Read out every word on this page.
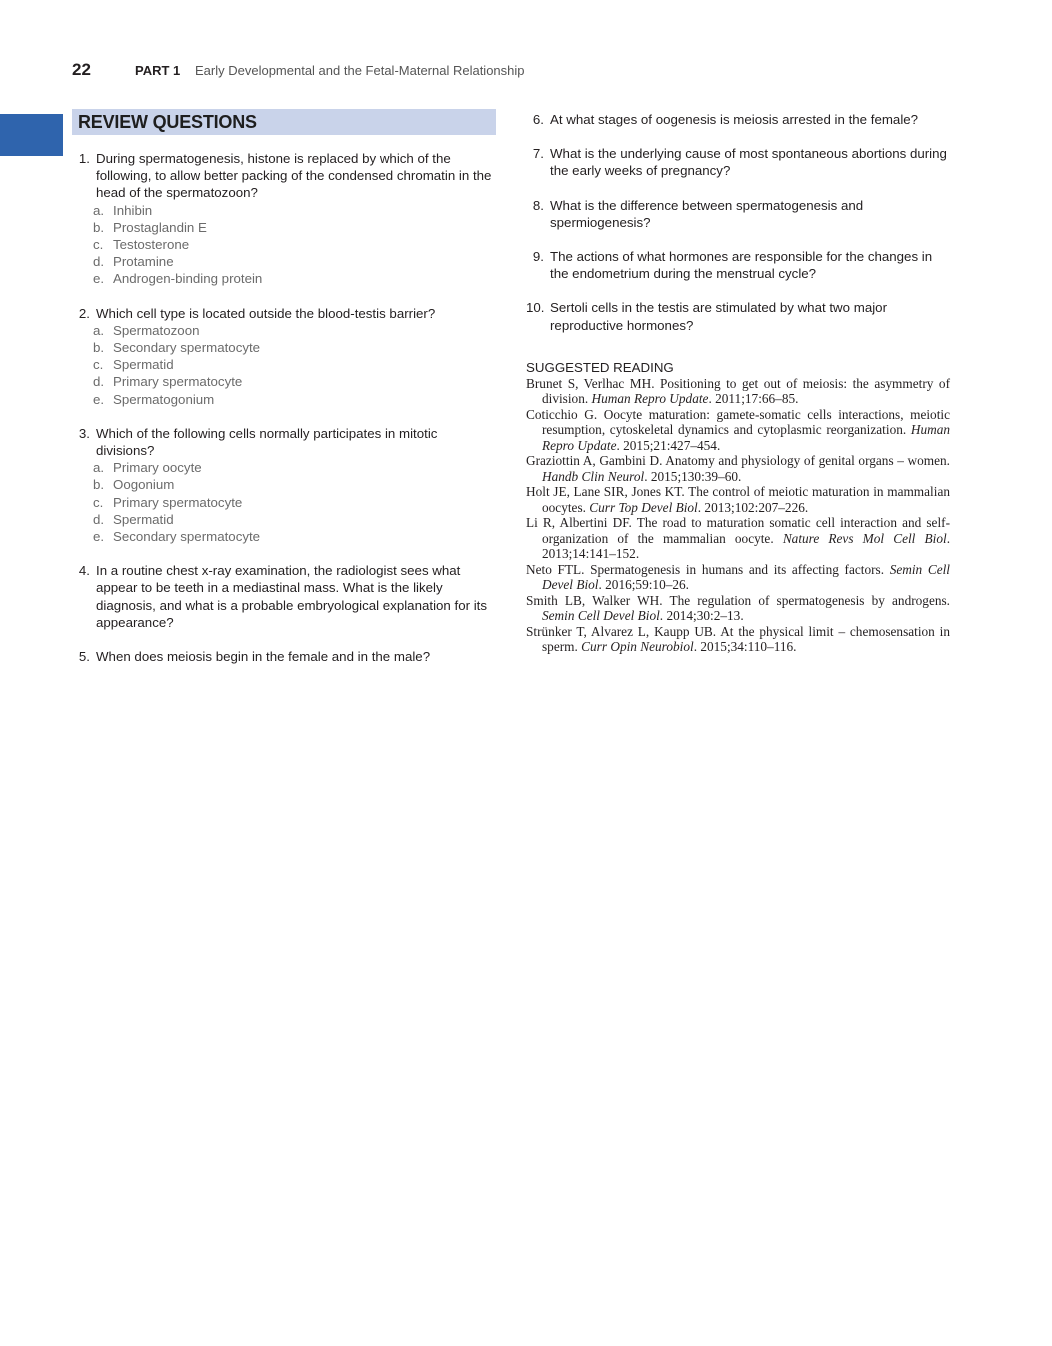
22	PART 1 Early Developmental and the Fetal-Maternal Relationship
REVIEW QUESTIONS
1. During spermatogenesis, histone is replaced by which of the following, to allow better packing of the condensed chromatin in the head of the spermatozoon?
a. Inhibin
b. Prostaglandin E
c. Testosterone
d. Protamine
e. Androgen-binding protein
2. Which cell type is located outside the blood-testis barrier?
a. Spermatozoon
b. Secondary spermatocyte
c. Spermatid
d. Primary spermatocyte
e. Spermatogonium
3. Which of the following cells normally participates in mitotic divisions?
a. Primary oocyte
b. Oogonium
c. Primary spermatocyte
d. Spermatid
e. Secondary spermatocyte
4. In a routine chest x-ray examination, the radiologist sees what appear to be teeth in a mediastinal mass. What is the likely diagnosis, and what is a probable embryological explanation for its appearance?
5. When does meiosis begin in the female and in the male?
6. At what stages of oogenesis is meiosis arrested in the female?
7. What is the underlying cause of most spontaneous abortions during the early weeks of pregnancy?
8. What is the difference between spermatogenesis and spermiogenesis?
9. The actions of what hormones are responsible for the changes in the endometrium during the menstrual cycle?
10. Sertoli cells in the testis are stimulated by what two major reproductive hormones?
SUGGESTED READING
Brunet S, Verlhac MH. Positioning to get out of meiosis: the asymmetry of division. Human Repro Update. 2011;17:66–85.
Coticchio G. Oocyte maturation: gamete-somatic cells interactions, meiotic resumption, cytoskeletal dynamics and cytoplasmic reorganization. Human Repro Update. 2015;21:427–454.
Graziottin A, Gambini D. Anatomy and physiology of genital organs – women. Handb Clin Neurol. 2015;130:39–60.
Holt JE, Lane SIR, Jones KT. The control of meiotic maturation in mammalian oocytes. Curr Top Devel Biol. 2013;102:207–226.
Li R, Albertini DF. The road to maturation somatic cell interaction and self-organization of the mammalian oocyte. Nature Revs Mol Cell Biol. 2013;14:141–152.
Neto FTL. Spermatogenesis in humans and its affecting factors. Semin Cell Devel Biol. 2016;59:10–26.
Smith LB, Walker WH. The regulation of spermatogenesis by androgens. Semin Cell Devel Biol. 2014;30:2–13.
Strünker T, Alvarez L, Kaupp UB. At the physical limit – chemosensation in sperm. Curr Opin Neurobiol. 2015;34:110–116.
